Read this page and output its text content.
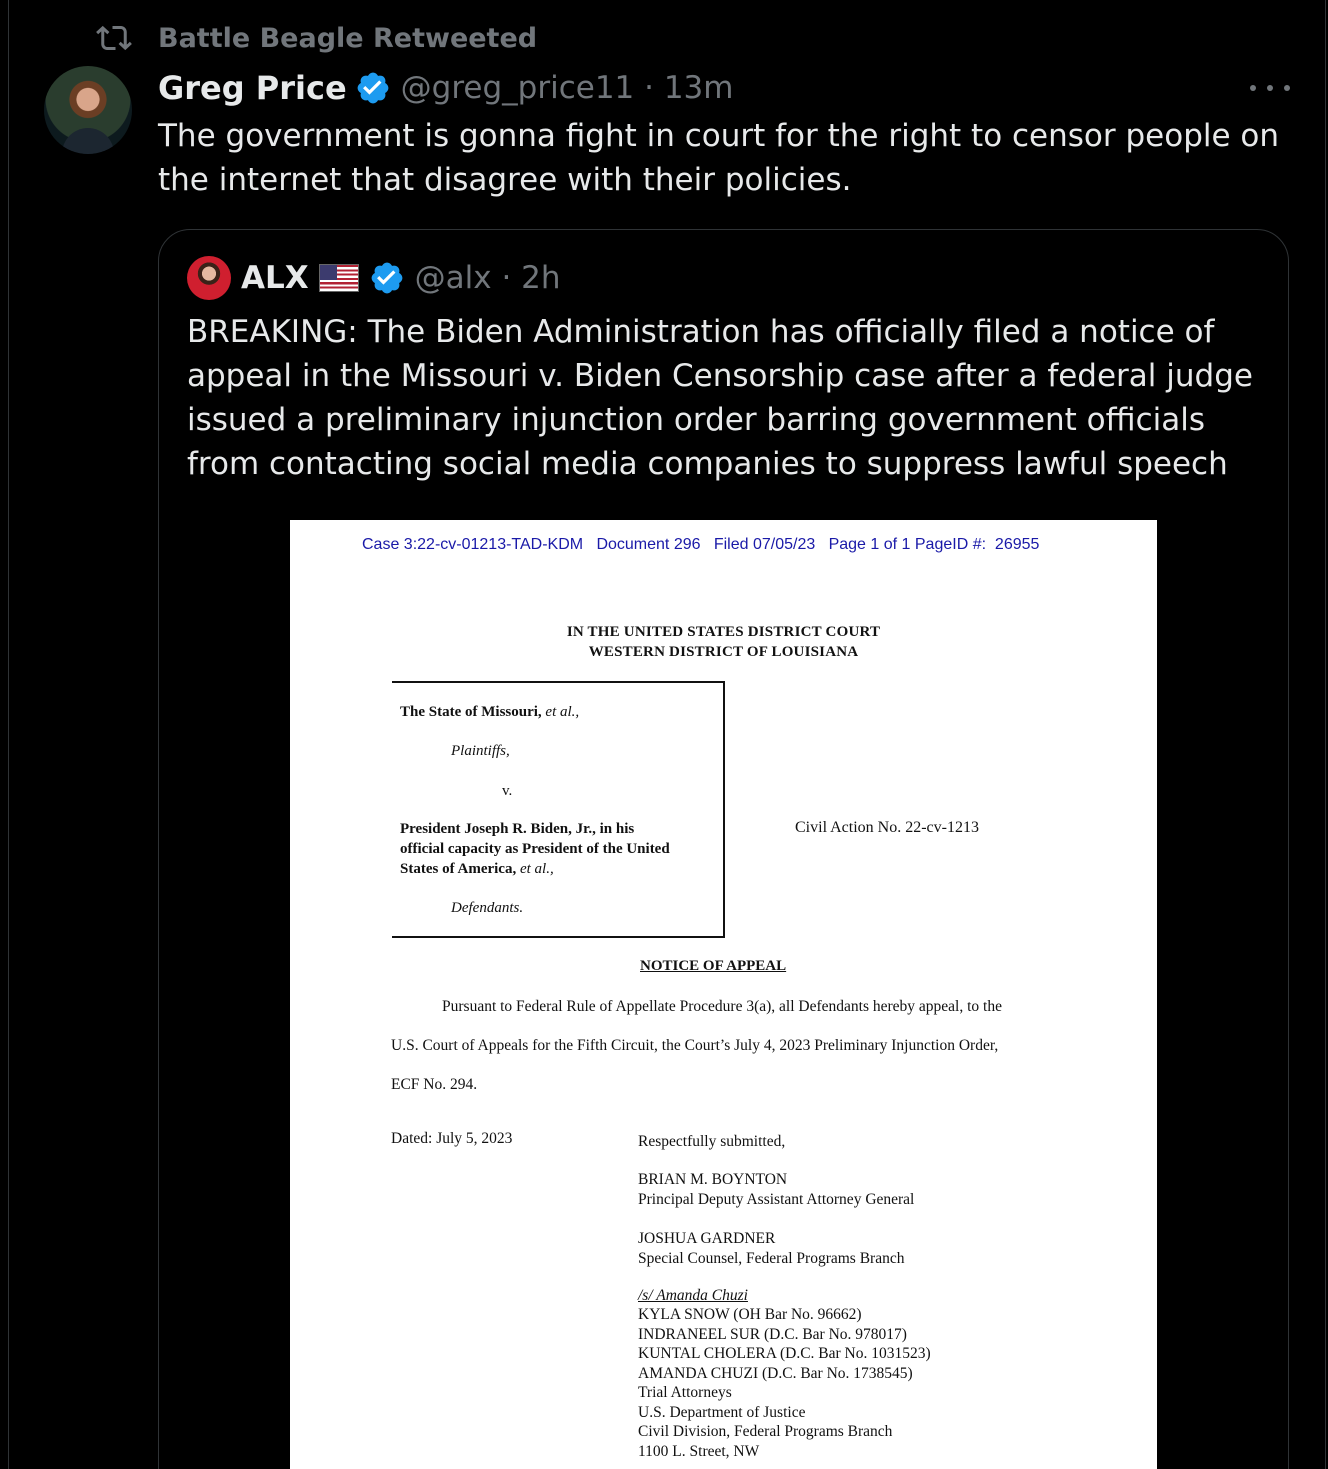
Battle Beagle Retweeted
Greg Price @greg_price11 · 13m
The government is gonna fight in court for the right to censor people on the internet that disagree with their policies.
ALX	@alx · 2h
BREAKING: The Biden Administration has officially filed a notice of appeal in the Missouri v. Biden Censorship case after a federal judge issued a preliminary injunction order barring government officials from contacting social media companies to suppress lawful speech
Case 3:22-cv-01213-TAD-KDM   Document 296   Filed 07/05/23   Page 1 of 1 PageID #:  26955
IN THE UNITED STATES DISTRICT COURT
WESTERN DISTRICT OF LOUISIANA
The State of Missouri, et al.,
Plaintiffs,
v.
President Joseph R. Biden, Jr., in his
official capacity as President of the United
States of America, et al.,
Defendants.
Civil Action No. 22-cv-1213
NOTICE OF APPEAL
Pursuant to Federal Rule of Appellate Procedure 3(a), all Defendants hereby appeal, to the
U.S. Court of Appeals for the Fifth Circuit, the Court’s July 4, 2023 Preliminary Injunction Order,
ECF No. 294.
Dated: July 5, 2023	Respectfully submitted,
BRIAN M. BOYNTON
Principal Deputy Assistant Attorney General
JOSHUA GARDNER
Special Counsel, Federal Programs Branch
/s/ Amanda Chuzi
KYLA SNOW (OH Bar No. 96662)
INDRANEEL SUR (D.C. Bar No. 978017)
KUNTAL CHOLERA (D.C. Bar No. 1031523)
AMANDA CHUZI (D.C. Bar No. 1738545)
Trial Attorneys
U.S. Department of Justice
Civil Division, Federal Programs Branch
1100 L. Street, NW
